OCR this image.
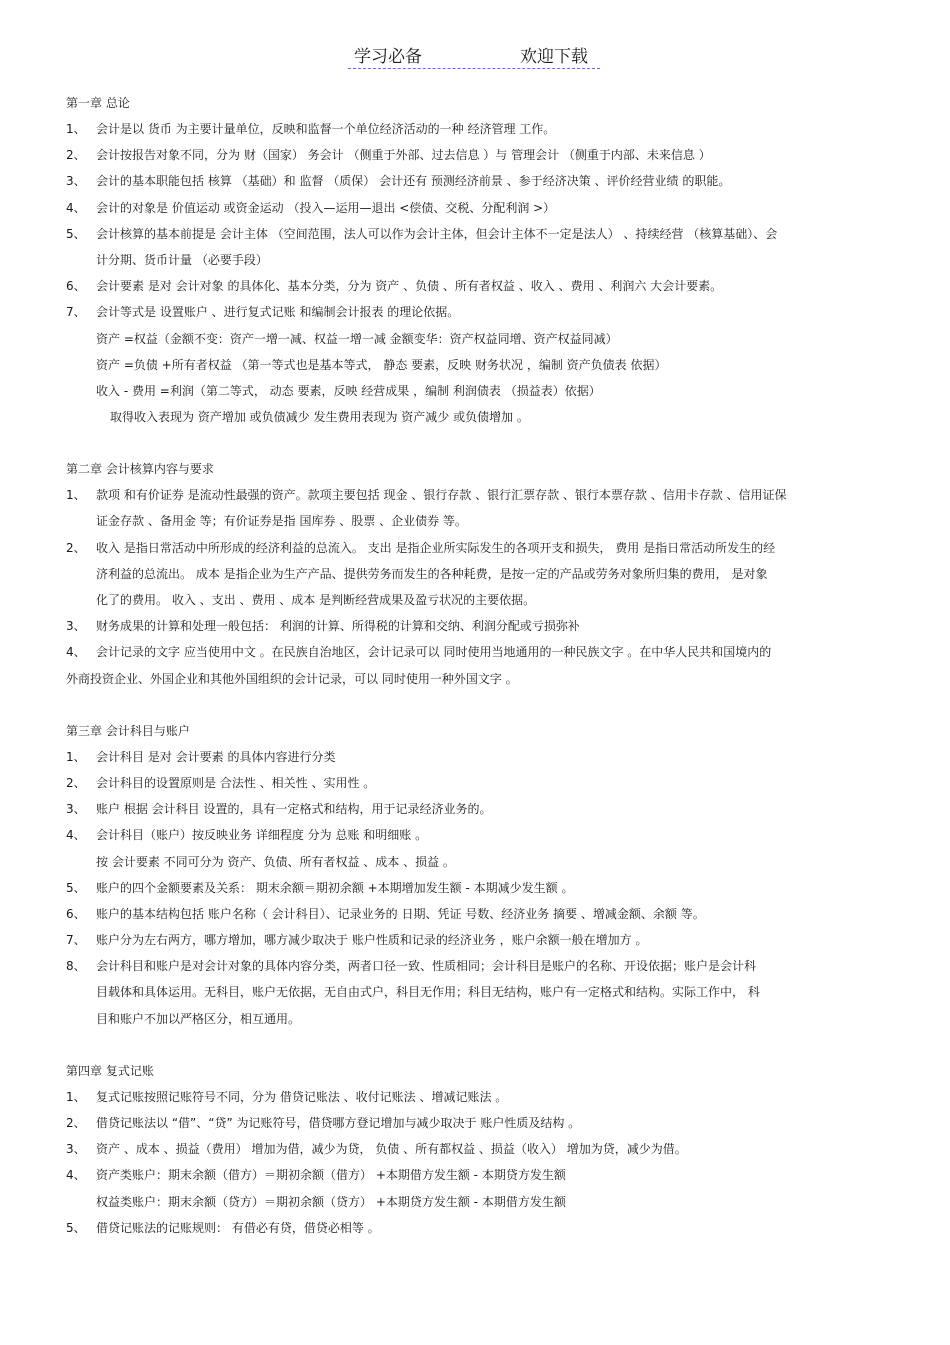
学习必备	欢迎下载
第一章 总论
1、 会计是以 货币 为主要计量单位，反映和监督一个单位经济活动的一种 经济管理 工作。
2、 会计按报告对象不同，分为 财（国家） 务会计 （侧重于外部、过去信息 ）与 管理会计 （侧重于内部、未来信息 ）
3、 会计的基本职能包括 核算 （基础）和 监督 （质保） 会计还有 预测经济前景 、参于经济决策 、评价经营业绩 的职能。
4、 会计的对象是 价值运动 或资金运动 （投入—运用—退出 <偿债、交税、分配利润 >）
5、 会计核算的基本前提是 会计主体 （空间范围，法人可以作为会计主体，但会计主体不一定是法人） 、持续经营 （核算基础）、会
计分期、货币计量 （必要手段）
6、 会计要素 是对 会计对象 的具体化、基本分类，分为 资产 、负债 、所有者权益 、收入 、费用 、利润六 大会计要素。
7、 会计等式是 设置账户 、进行复式记账 和编制会计报表 的理论依据。
资产 =权益（金额不变：资产一增一减、权益一增一减 金额变华：资产权益同增、资产权益同减）
资产 =负债 +所有者权益 （第一等式也是基本等式， 静态 要素，反映 财务状况 ，编制 资产负债表 依据）
收入 - 费用 =利润（第二等式， 动态 要素，反映 经营成果 ，编制 利润债表 （损益表）依据）
取得收入表现为 资产增加 或负债减少 发生费用表现为 资产减少 或负债增加 。
第二章 会计核算内容与要求
1、 款项 和有价证券 是流动性最强的资产。款项主要包括 现金 、银行存款 、银行汇票存款 、银行本票存款 、信用卡存款 、信用证保
证金存款 、备用金 等；有价证券是指 国库券 、股票 、企业债券 等。
2、 收入 是指日常活动中所形成的经济利益的总流入。 支出 是指企业所实际发生的各项开支和损失， 费用 是指日常活动所发生的经
济利益的总流出。 成本 是指企业为生产产品、提供劳务而发生的各种耗费，是按一定的产品或劳务对象所归集的费用， 是对象
化了的费用。 收入 、支出 、费用 、成本 是判断经营成果及盈亏状况的主要依据。
3、 财务成果的计算和处理一般包括： 利润的计算、所得税的计算和交纳、利润分配或亏损弥补
4、 会计记录的文字 应当使用中文 。在民族自治地区，会计记录可以 同时使用当地通用的一种民族文字 。在中华人民共和国境内的
外商投资企业、外国企业和其他外国组织的会计记录，可以 同时使用一种外国文字 。
第三章 会计科目与账户
1、 会计科目 是对 会计要素 的具体内容进行分类
2、 会计科目的设置原则是 合法性 、相关性 、实用性 。
3、 账户 根据 会计科目 设置的，具有一定格式和结构，用于记录经济业务的。
4、 会计科目（账户）按反映业务 详细程度 分为 总账 和明细账 。
按 会计要素 不同可分为 资产、负债、所有者权益 、成本 、损益 。
5、 账户的四个金额要素及关系： 期末余额＝期初余额 +本期增加发生额 - 本期减少发生额 。
6、 账户的基本结构包括 账户名称（ 会计科目）、记录业务的 日期、凭证 号数、经济业务 摘要 、增减金额、余额 等。
7、 账户分为左右两方，哪方增加，哪方减少取决于 账户性质和记录的经济业务 ，账户余额一般在增加方 。
8、 会计科目和账户是对会计对象的具体内容分类，两者口径一致、性质相同；会计科目是账户的名称、开设依据；账户是会计科
目载体和具体运用。无科目，账户无依据，无自由式户，科目无作用；科目无结构，账户有一定格式和结构。实际工作中， 科
目和账户不加以严格区分，相互通用。
第四章 复式记账
1、 复式记账按照记账符号不同，分为 借贷记账法 、收付记账法 、增减记账法 。
2、 借贷记账法以 “借”、“贷” 为记账符号，借贷哪方登记增加与减少取决于 账户性质及结构 。
3、 资产 、成本 、损益（费用） 增加为借，减少为贷， 负债 、所有都权益 、损益（收入） 增加为贷，减少为借。
4、 资产类账户：期末余额（借方）＝期初余额（借方） +本期借方发生额 - 本期贷方发生额
权益类账户：期末余额（贷方）＝期初余额（贷方） +本期贷方发生额 - 本期借方发生额
5、 借贷记账法的记账规则： 有借必有贷，借贷必相等 。
